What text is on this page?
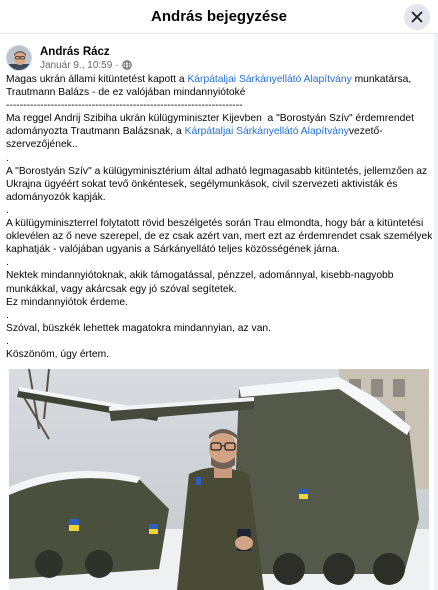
András bejegyzése
András Rácz
Január 9., 10:59 ·

Magas ukrán állami kitüntetést kapott a Kárpátaljai Sárkányellátó Alapítvány munkatársa, Trautmann Balázs - de ez valójában mindannyiótoké

---------------------------------------------------------------------

Ma reggel Andrij Szibiha ukrán külügyminiszter Kijevben  a "Borostyán Szív" érdemrendet adományozta Trautmann Balázsnak, a Kárpátaljai Sárkányellátó Alapítványvezető-szervezőjének..

.

A "Borostyán Szív" a külügyminisztérium által adható legmagasabb kitüntetés, jellemzően az Ukrajna ügyéért sokat tevő önkéntesek, segélymunkások, civil szervezeti aktivisták és adományozók kapják.

.

A külügyminiszterrel folytatott rövid beszélgetés során Trau elmondta, hogy bár a kitüntetési oklevélen az ő neve szerepel, de ez csak azért van, mert ezt az érdemrendet csak személyek kaphatják - valójában ugyanis a Sárkányellátó teljes közösségének járna.

.

Nektek mindannyiótoknak, akik támogatással, pénzzel, adománnyal, kisebb-nagyobb munkákkal, vagy akárcsak egy jó szóval segítetek.

Ez mindannyiótok érdeme.

.

Szóval, büszkék lehettek magatokra mindannyian, az van.

.

Köszönöm, úgy értem.
